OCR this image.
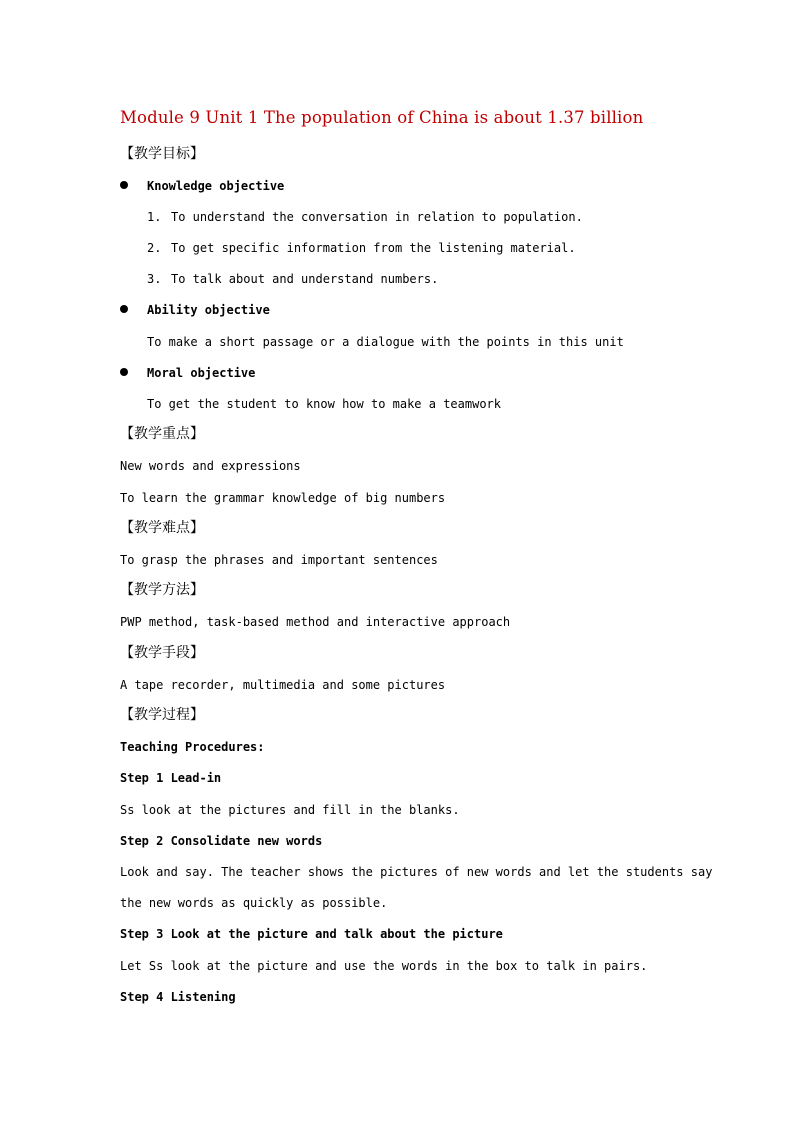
Module 9 Unit 1 The population of China is about 1.37 billion
【教学目标】
Knowledge objective
1. To understand the conversation in relation to population.
2. To get specific information from the listening material.
3. To talk about and understand numbers.
Ability objective
To make a short passage or a dialogue with the points in this unit
Moral objective
To get the student to know how to make a teamwork
【教学重点】
New words and expressions
To learn the grammar knowledge of big numbers
【教学难点】
To grasp the phrases and important sentences
【教学方法】
PWP method, task-based method and interactive approach
【教学手段】
A tape recorder, multimedia and some pictures
【教学过程】
Teaching Procedures:
Step 1 Lead-in
Ss look at the pictures and fill in the blanks.
Step 2 Consolidate new words
Look and say. The teacher shows the pictures of new words and let the students say
the new words as quickly as possible.
Step 3 Look at the picture and talk about the picture
Let Ss look at the picture and use the words in the box to talk in pairs.
Step 4 Listening
